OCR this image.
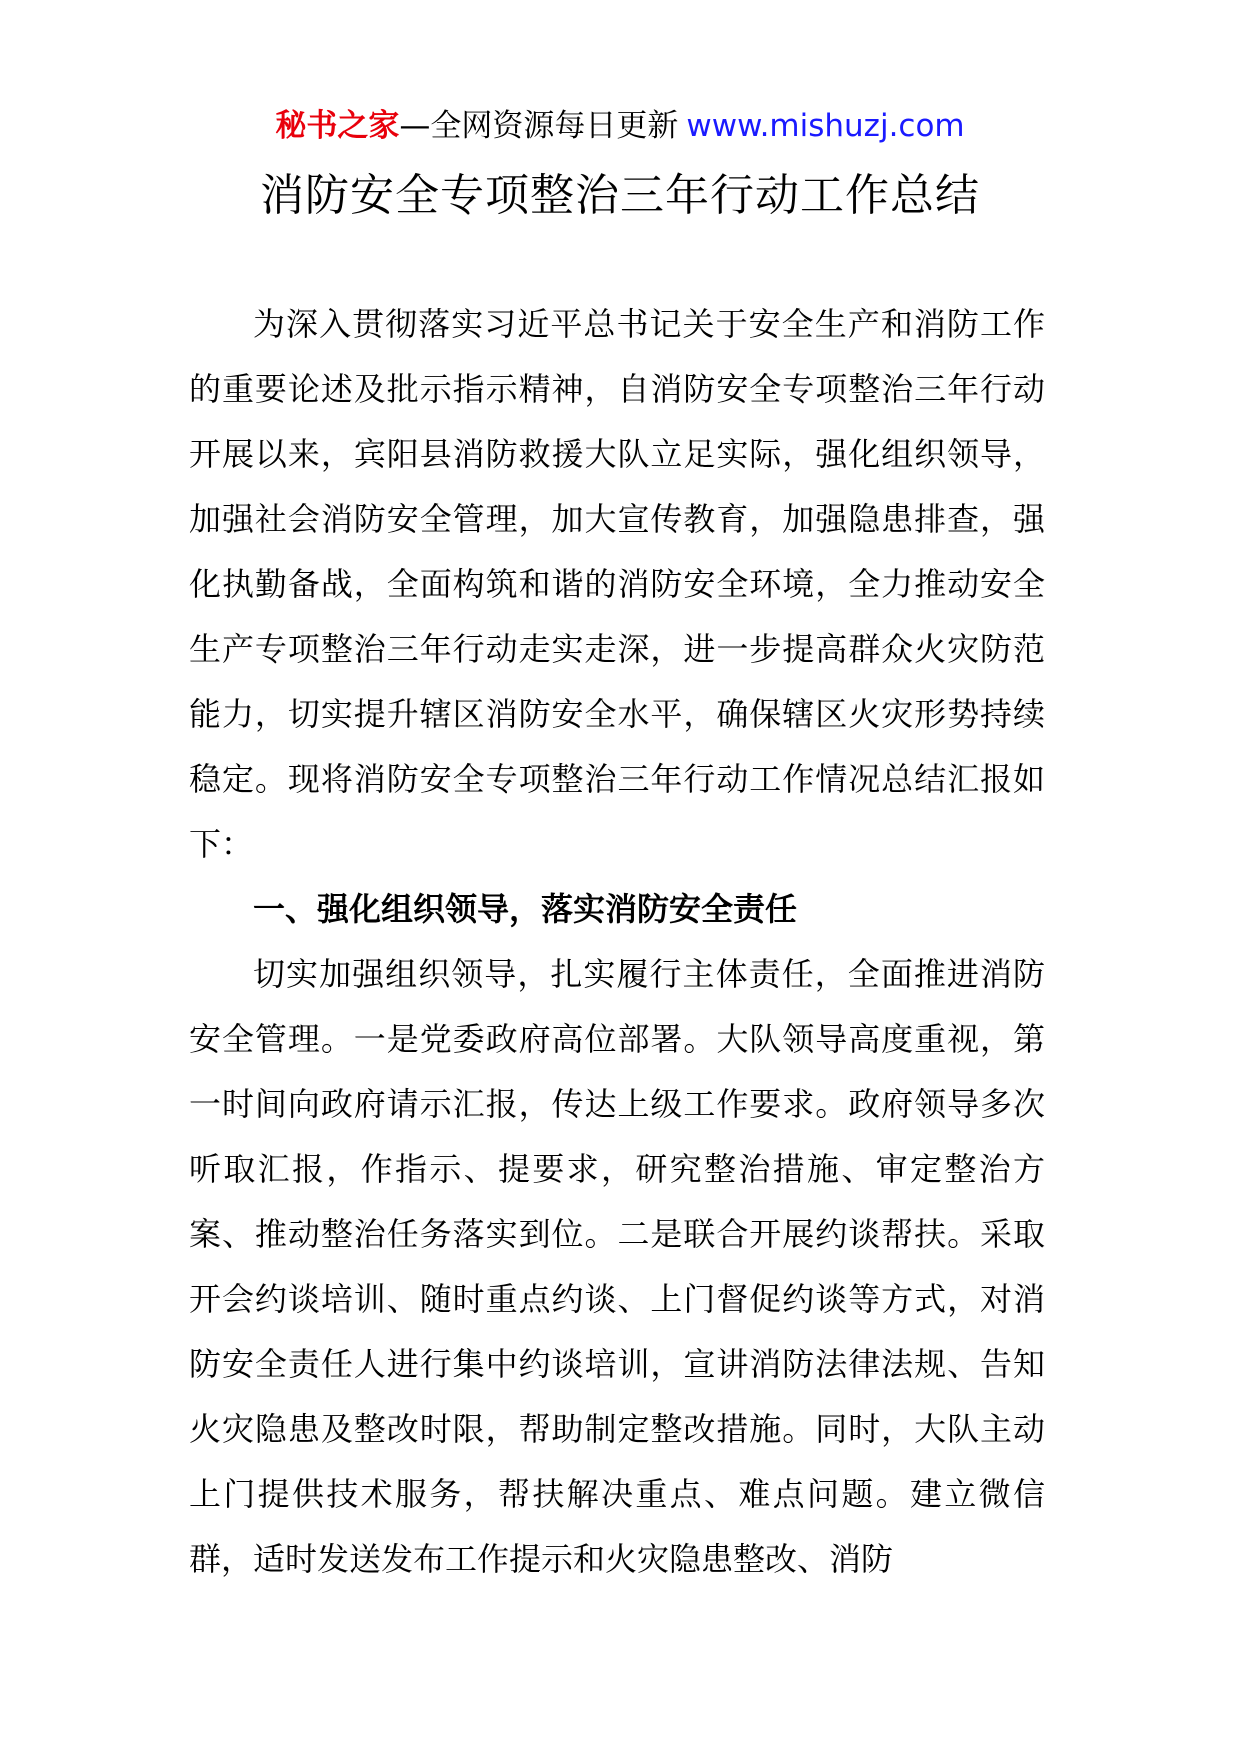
秘书之家—全网资源每日更新 www.mishuzj.com
消防安全专项整治三年行动工作总结

为深入贯彻落实习近平总书记关于安全生产和消防工作的重要论述及批示指示精神，自消防安全专项整治三年行动开展以来，宾阳县消防救援大队立足实际，强化组织领导，加强社会消防安全管理，加大宣传教育，加强隐患排查，强化执勤备战，全面构筑和谐的消防安全环境，全力推动安全生产专项整治三年行动走实走深，进一步提高群众火灾防范能力，切实提升辖区消防安全水平，确保辖区火灾形势持续稳定。现将消防安全专项整治三年行动工作情况总结汇报如下：

一、强化组织领导，落实消防安全责任

切实加强组织领导，扎实履行主体责任，全面推进消防安全管理。一是党委政府高位部署。大队领导高度重视，第一时间向政府请示汇报，传达上级工作要求。政府领导多次听取汇报，作指示、提要求，研究整治措施、审定整治方案、推动整治任务落实到位。二是联合开展约谈帮扶。采取开会约谈培训、随时重点约谈、上门督促约谈等方式，对消防安全责任人进行集中约谈培训，宣讲消防法律法规、告知火灾隐患及整改时限，帮助制定整改措施。同时，大队主动上门提供技术服务，帮扶解决重点、难点问题。建立微信群，适时发送发布工作提示和火灾隐患整改、消防
